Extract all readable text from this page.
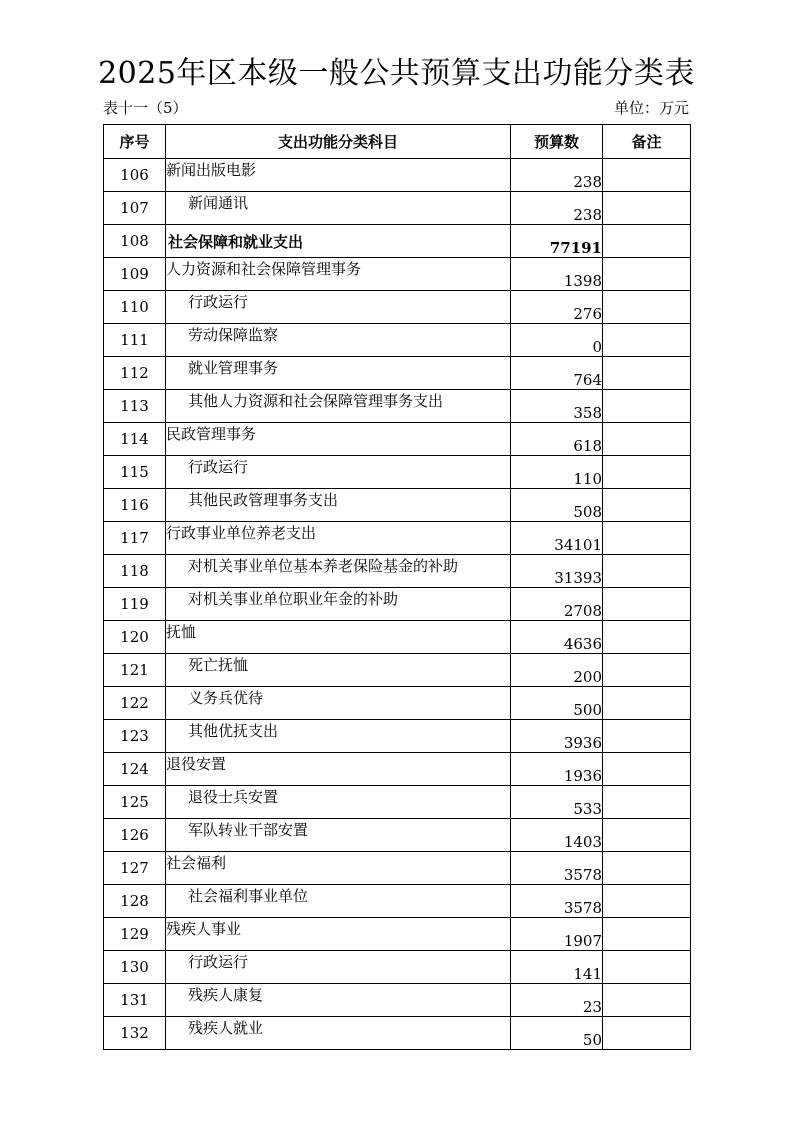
2025年区本级一般公共预算支出功能分类表
表十一（5）	单位：万元
序号	支出功能分类科目	预算数	备注
106	新闻出版电影	238	
107	新闻通讯	238	
108	社会保障和就业支出	77191	
109	人力资源和社会保障管理事务	1398	
110	行政运行	276	
111	劳动保障监察	0	
112	就业管理事务	764	
113	其他人力资源和社会保障管理事务支出	358	
114	民政管理事务	618	
115	行政运行	110	
116	其他民政管理事务支出	508	
117	行政事业单位养老支出	34101	
118	对机关事业单位基本养老保险基金的补助	31393	
119	对机关事业单位职业年金的补助	2708	
120	抚恤	4636	
121	死亡抚恤	200	
122	义务兵优待	500	
123	其他优抚支出	3936	
124	退役安置	1936	
125	退役士兵安置	533	
126	军队转业干部安置	1403	
127	社会福利	3578	
128	社会福利事业单位	3578	
129	残疾人事业	1907	
130	行政运行	141	
131	残疾人康复	23	
132	残疾人就业	50	
